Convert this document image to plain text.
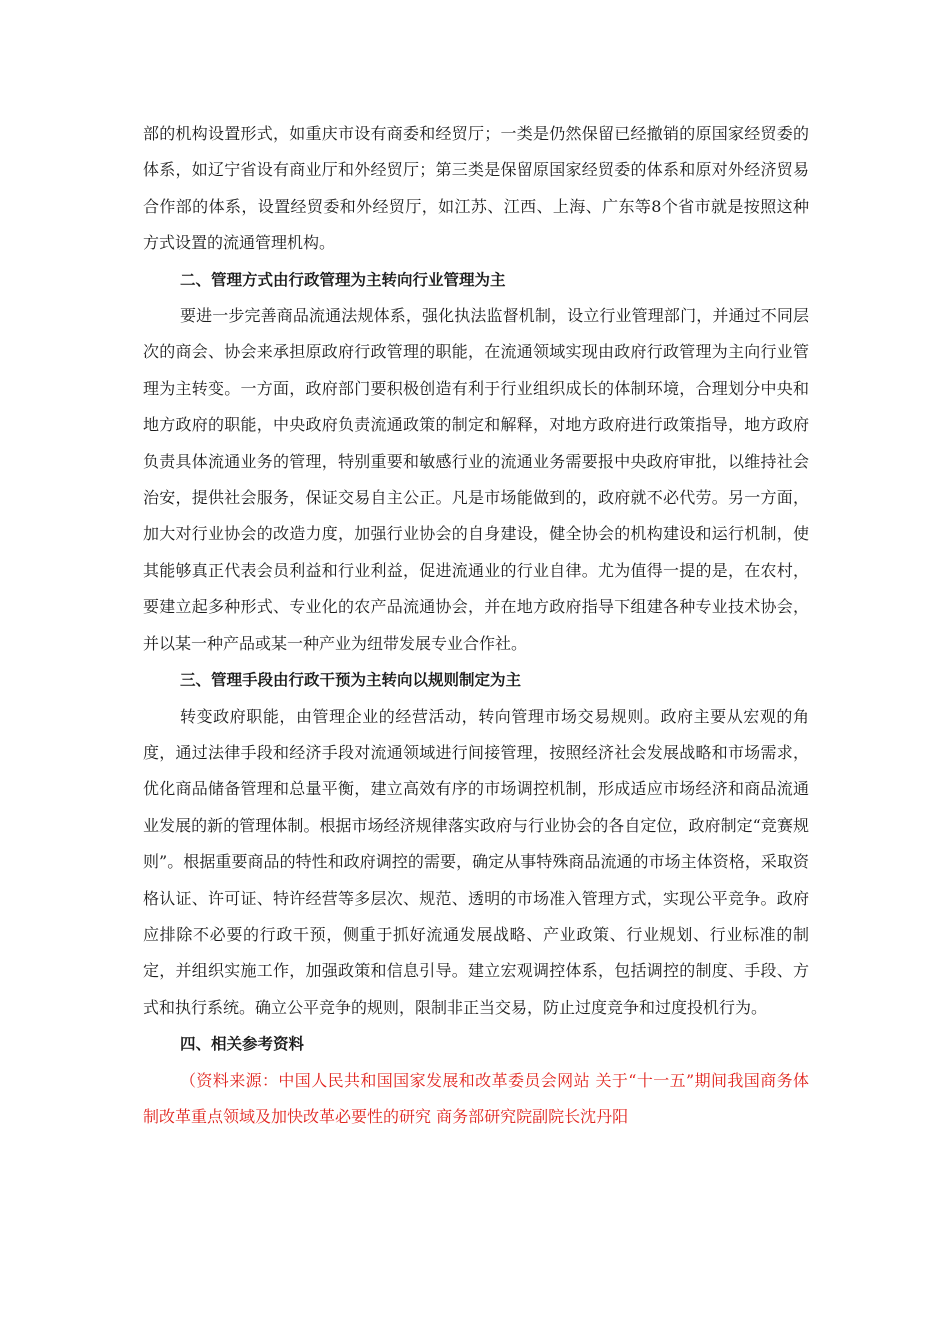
部的机构设置形式，如重庆市设有商委和经贸厅；一类是仍然保留已经撤销的原国家经贸委的体系，如辽宁省设有商业厅和外经贸厅；第三类是保留原国家经贸委的体系和原对外经济贸易合作部的体系，设置经贸委和外经贸厅，如江苏、江西、上海、广东等8个省市就是按照这种方式设置的流通管理机构。

二、管理方式由行政管理为主转向行业管理为主

要进一步完善商品流通法规体系，强化执法监督机制，设立行业管理部门，并通过不同层次的商会、协会来承担原政府行政管理的职能，在流通领域实现由政府行政管理为主向行业管理为主转变。一方面，政府部门要积极创造有利于行业组织成长的体制环境，合理划分中央和地方政府的职能，中央政府负责流通政策的制定和解释，对地方政府进行政策指导，地方政府负责具体流通业务的管理，特别重要和敏感行业的流通业务需要报中央政府审批，以维持社会治安，提供社会服务，保证交易自主公正。凡是市场能做到的，政府就不必代劳。另一方面，加大对行业协会的改造力度，加强行业协会的自身建设，健全协会的机构建设和运行机制，使其能够真正代表会员利益和行业利益，促进流通业的行业自律。尤为值得一提的是，在农村，要建立起多种形式、专业化的农产品流通协会，并在地方政府指导下组建各种专业技术协会，并以某一种产品或某一种产业为纽带发展专业合作社。

三、管理手段由行政干预为主转向以规则制定为主

转变政府职能，由管理企业的经营活动，转向管理市场交易规则。政府主要从宏观的角度，通过法律手段和经济手段对流通领域进行间接管理，按照经济社会发展战略和市场需求，优化商品储备管理和总量平衡，建立高效有序的市场调控机制，形成适应市场经济和商品流通业发展的新的管理体制。根据市场经济规律落实政府与行业协会的各自定位，政府制定“竞赛规则”。根据重要商品的特性和政府调控的需要，确定从事特殊商品流通的市场主体资格，采取资格认证、许可证、特许经营等多层次、规范、透明的市场准入管理方式，实现公平竞争。政府应排除不必要的行政干预，侧重于抓好流通发展战略、产业政策、行业规划、行业标准的制定，并组织实施工作，加强政策和信息引导。建立宏观调控体系，包括调控的制度、手段、方式和执行系统。确立公平竞争的规则，限制非正当交易，防止过度竞争和过度投机行为。

四、相关参考资料

（资料来源：中国人民共和国国家发展和改革委员会网站 关于“十一五”期间我国商务体制改革重点领域及加快改革必要性的研究 商务部研究院副院长沈丹阳
